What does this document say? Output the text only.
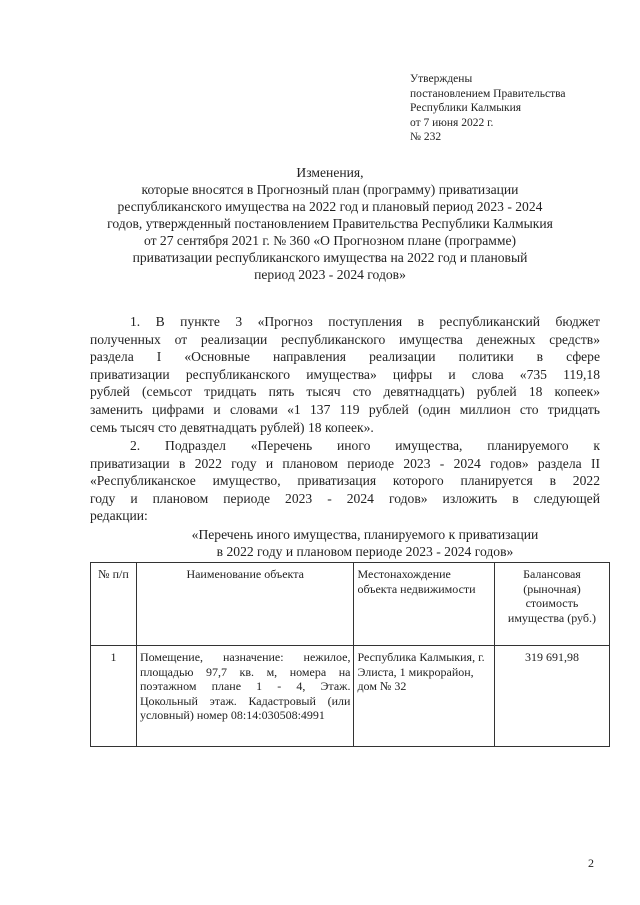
Утверждены
постановлением Правительства
Республики Калмыкия
от 7 июня 2022 г.
№ 232
Изменения,
которые вносятся в Прогнозный план (программу) приватизации
республиканского имущества на 2022 год и плановый период 2023 - 2024
годов, утвержденный постановлением Правительства Республики Калмыкия
от 27 сентября 2021 г. № 360 «О Прогнозном плане (программе)
приватизации республиканского имущества на 2022 год и плановый
период 2023 - 2024 годов»
1. В пункте 3 «Прогноз поступления в республиканский бюджет
полученных от реализации республиканского имущества денежных средств»
раздела I «Основные направления реализации политики в сфере
приватизации республиканского имущества» цифры и слова «735 119,18
рублей (семьсот тридцать пять тысяч сто девятнадцать) рублей 18 копеек»
заменить цифрами и словами «1 137 119 рублей (один миллион сто тридцать
семь тысяч сто девятнадцать рублей) 18 копеек».
2. Подраздел «Перечень иного имущества, планируемого к
приватизации в 2022 году и плановом периоде 2023 - 2024 годов» раздела II
«Республиканское имущество, приватизация которого планируется в 2022
году и плановом периоде 2023 - 2024 годов» изложить в следующей
редакции:
«Перечень иного имущества, планируемого к приватизации
в 2022 году и плановом периоде 2023 - 2024 годов»
№ п/п	Наименование объекта	Местонахождение объекта недвижимости	Балансовая (рыночная) стоимость имущества (руб.)
1	Помещение, назначение: нежилое, площадью 97,7 кв. м, номера на поэтажном плане 1 - 4, Этаж. Цокольный этаж. Кадастровый (или условный) номер 08:14:030508:4991	Республика Калмыкия, г. Элиста, 1 микрорайон, дом № 32	319 691,98
2
